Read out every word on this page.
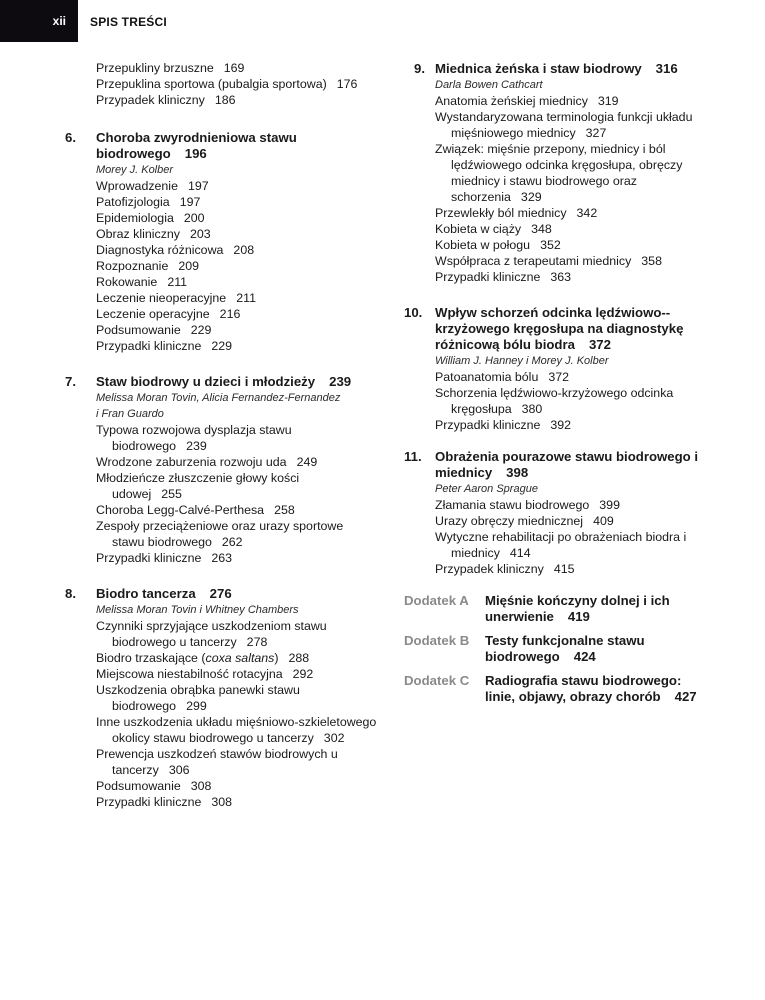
xii SPIS TREŚCI
Przepukliny brzuszne 169
Przepuklina sportowa (pubalgia sportowa) 176
Przypadek kliniczny 186
6. Choroba zwyrodnieniowa stawu biodrowego 196
Morey J. Kolber
Wprowadzenie 197
Patofizjologia 197
Epidemiologia 200
Obraz kliniczny 203
Diagnostyka różnicowa 208
Rozpoznanie 209
Rokowanie 211
Leczenie nieoperacyjne 211
Leczenie operacyjne 216
Podsumowanie 229
Przypadki kliniczne 229
7. Staw biodrowy u dzieci i młodzieży 239
Melissa Moran Tovin, Alicia Fernandez-Fernandez i Fran Guardo
Typowa rozwojowa dysplazja stawu biodrowego 239
Wrodzone zaburzenia rozwoju uda 249
Młodzieńcze złuszczenie głowy kości udowej 255
Choroba Legg-Calvé-Perthesa 258
Zespoły przeciążeniowe oraz urazy sportowe stawu biodrowego 262
Przypadki kliniczne 263
8. Biodro tancerza 276
Melissa Moran Tovin i Whitney Chambers
Czynniki sprzyjające uszkodzeniom stawu biodrowego u tancerzy 278
Biodro trzaskające (coxa saltans) 288
Miejscowa niestabilność rotacyjna 292
Uszkodzenia obrąbka panewki stawu biodrowego 299
Inne uszkodzenia układu mięśniowo-szkieletowego okolicy stawu biodrowego u tancerzy 302
Prewencja uszkodzeń stawów biodrowych u tancerzy 306
Podsumowanie 308
Przypadki kliniczne 308
9. Miednica żeńska i staw biodrowy 316
Darla Bowen Cathcart
Anatomia żeńskiej miednicy 319
Wystandaryzowana terminologia funkcji układu mięśniowego miednicy 327
Związek: mięśnie przepony, miednicy i ból lędźwiowego odcinka kręgosłupa, obręczy miednicy i stawu biodrowego oraz schorzenia 329
Przewlekły ból miednicy 342
Kobieta w ciąży 348
Kobieta w połogu 352
Współpraca z terapeutami miednicy 358
Przypadki kliniczne 363
10. Wpływ schorzeń odcinka lędźwiowo--krzyżowego kręgosłupa na diagnostykę różnicową bólu biodra 372
William J. Hanney i Morey J. Kolber
Patoanatomia bólu 372
Schorzenia lędźwiowo-krzyżowego odcinka kręgosłupa 380
Przypadki kliniczne 392
11. Obrażenia pourazowe stawu biodrowego i miednicy 398
Peter Aaron Sprague
Złamania stawu biodrowego 399
Urazy obręczy miednicznej 409
Wytyczne rehabilitacji po obrażeniach biodra i miednicy 414
Przypadek kliniczny 415
Dodatek A Mięśnie kończyny dolnej i ich unerwienie 419
Dodatek B Testy funkcjonalne stawu biodrowego 424
Dodatek C Radiografia stawu biodrowego: linie, objawy, obrazy chorób 427
